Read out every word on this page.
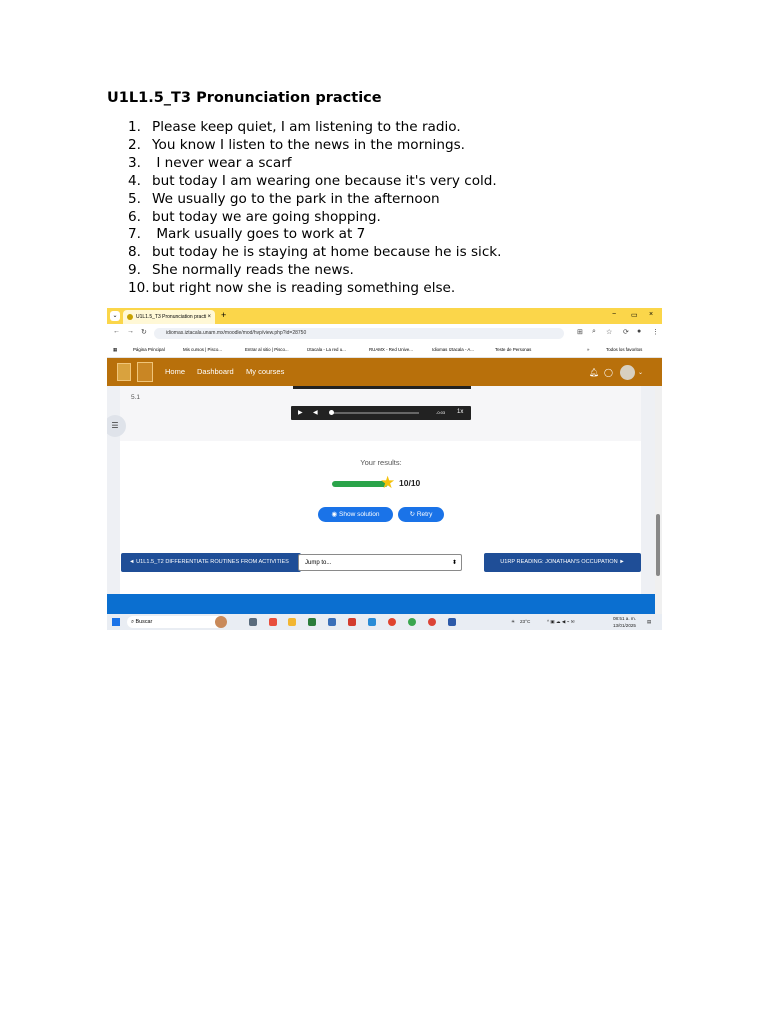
U1L1.5_T3 Pronunciation practice
1. Please keep quiet, I am listening to the radio.
2. You know I listen to the news in the mornings.
3. I never wear a scarf
4. but today I am wearing one because it's very cold.
5. We usually go to the park in the afternoon
6. but today we are going shopping.
7. Mark usually goes to work at 7
8. but today he is staying at home because he is sick.
9. She normally reads the news.
10. but right now she is reading something else.
⌄	U1L1.5_T3 Pronunciation practi × +	− ▭ ×
← → ↻	idiomas.iztacala.unam.mx/moodle/mod/hvp/view.php?id=28750	⊞ ⌕ ☆ ⟳ ● ⋮
▦	Página Principal	Mis cursos | Pisco...	Entrar al sitio | Pisco...	Iztacala - La red u...	RUAMX - Red Unive...	Idiomas Iztacala - A...	Teste de Personas	»	Todos los favoritos
Home Dashboard My courses	🔔︎ ◯	⌄
5.1
▶ ◀︎	-0:03 1x
☰
Your results:
★ 10/10
◉ Show solution	↻ Retry
◄ U1L1.5_T2 DIFFERENTIATE ROUTINES FROM ACTIVITIES	Jump to...	⬍	U1RP READING: JONATHAN'S OCCUPATION ►
⌕ Buscar	☀ 23°C	^ ▣ ☁ ◀︎ ⌁ ✉
08:51 a. m.
13/01/2025
▤
